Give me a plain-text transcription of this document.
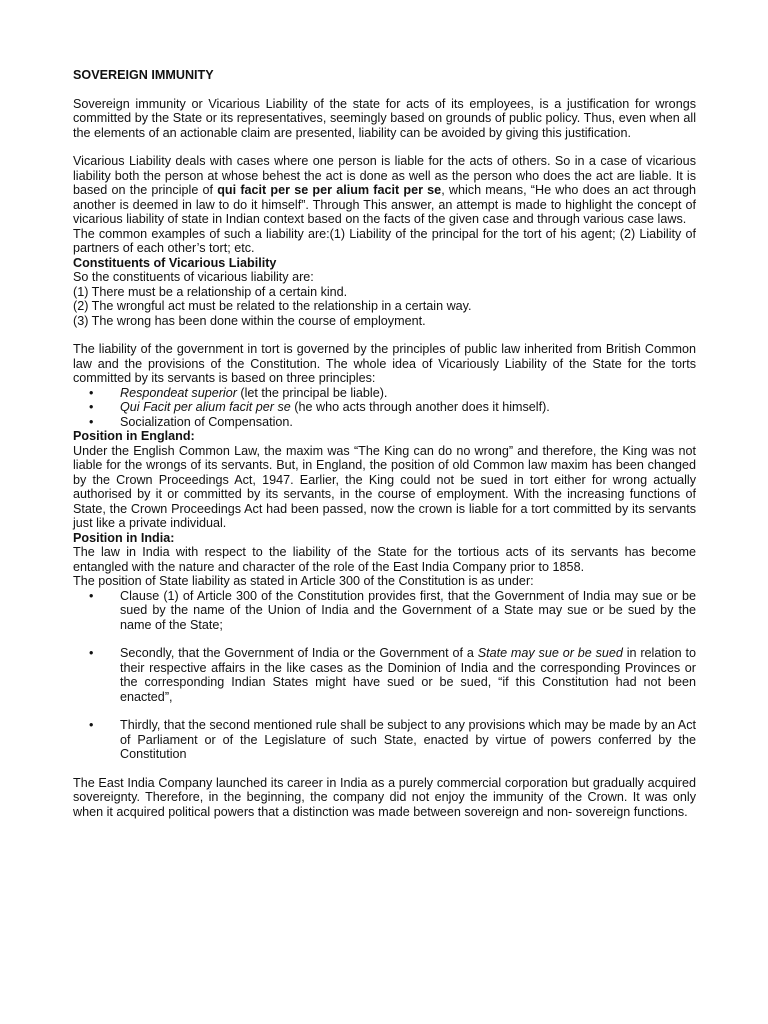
SOVEREIGN IMMUNITY

Sovereign immunity or Vicarious Liability of the state for acts of its employees, is a justification for wrongs committed by the State or its representatives, seemingly based on grounds of public policy. Thus, even when all the elements of an actionable claim are presented, liability can be avoided by giving this justification.

Vicarious Liability deals with cases where one person is liable for the acts of others. So in a case of vicarious liability both the person at whose behest the act is done as well as the person who does the act are liable. It is based on the principle of qui facit per se per alium facit per se, which means, “He who does an act through another is deemed in law to do it himself”. Through This answer, an attempt is made to highlight the concept of vicarious liability of state in Indian context based on the facts of the given case and through various case laws.

The common examples of such a liability are:(1) Liability of the principal for the tort of his agent; (2) Liability of partners of each other’s tort; etc.

Constituents of Vicarious Liability

So the constituents of vicarious liability are:

(1) There must be a relationship of a certain kind.

(2) The wrongful act must be related to the relationship in a certain way.

(3) The wrong has been done within the course of employment.

The liability of the government in tort is governed by the principles of public law inherited from British Common law and the provisions of the Constitution. The whole idea of Vicariously Liability of the State for the torts committed by its servants is based on three principles:

• Respondeat superior (let the principal be liable).
• Qui Facit per alium facit per se (he who acts through another does it himself).
• Socialization of Compensation.

Position in England:

Under the English Common Law, the maxim was “The King can do no wrong” and therefore, the King was not liable for the wrongs of its servants. But, in England, the position of old Common law maxim has been changed by the Crown Proceedings Act, 1947. Earlier, the King could not be sued in tort either for wrong actually authorised by it or committed by its servants, in the course of employment. With the increasing functions of State, the Crown Proceedings Act had been passed, now the crown is liable for a tort committed by its servants just like a private individual.

Position in India:

The law in India with respect to the liability of the State for the tortious acts of its servants has become entangled with the nature and character of the role of the East India Company prior to 1858.

The position of State liability as stated in Article 300 of the Constitution is as under:

• Clause (1) of Article 300 of the Constitution provides first, that the Government of India may sue or be sued by the name of the Union of India and the Government of a State may sue or be sued by the name of the State;
• Secondly, that the Government of India or the Government of a State may sue or be sued in relation to their respective affairs in the like cases as the Dominion of India and the corresponding Provinces or the corresponding Indian States might have sued or be sued, “if this Constitution had not been enacted”,
• Thirdly, that the second mentioned rule shall be subject to any provisions which may be made by an Act of Parliament or of the Legislature of such State, enacted by virtue of powers conferred by the Constitution

The East India Company launched its career in India as a purely commercial corporation but gradually acquired sovereignty. Therefore, in the beginning, the company did not enjoy the immunity of the Crown. It was only when it acquired political powers that a distinction was made between sovereign and non- sovereign functions.
